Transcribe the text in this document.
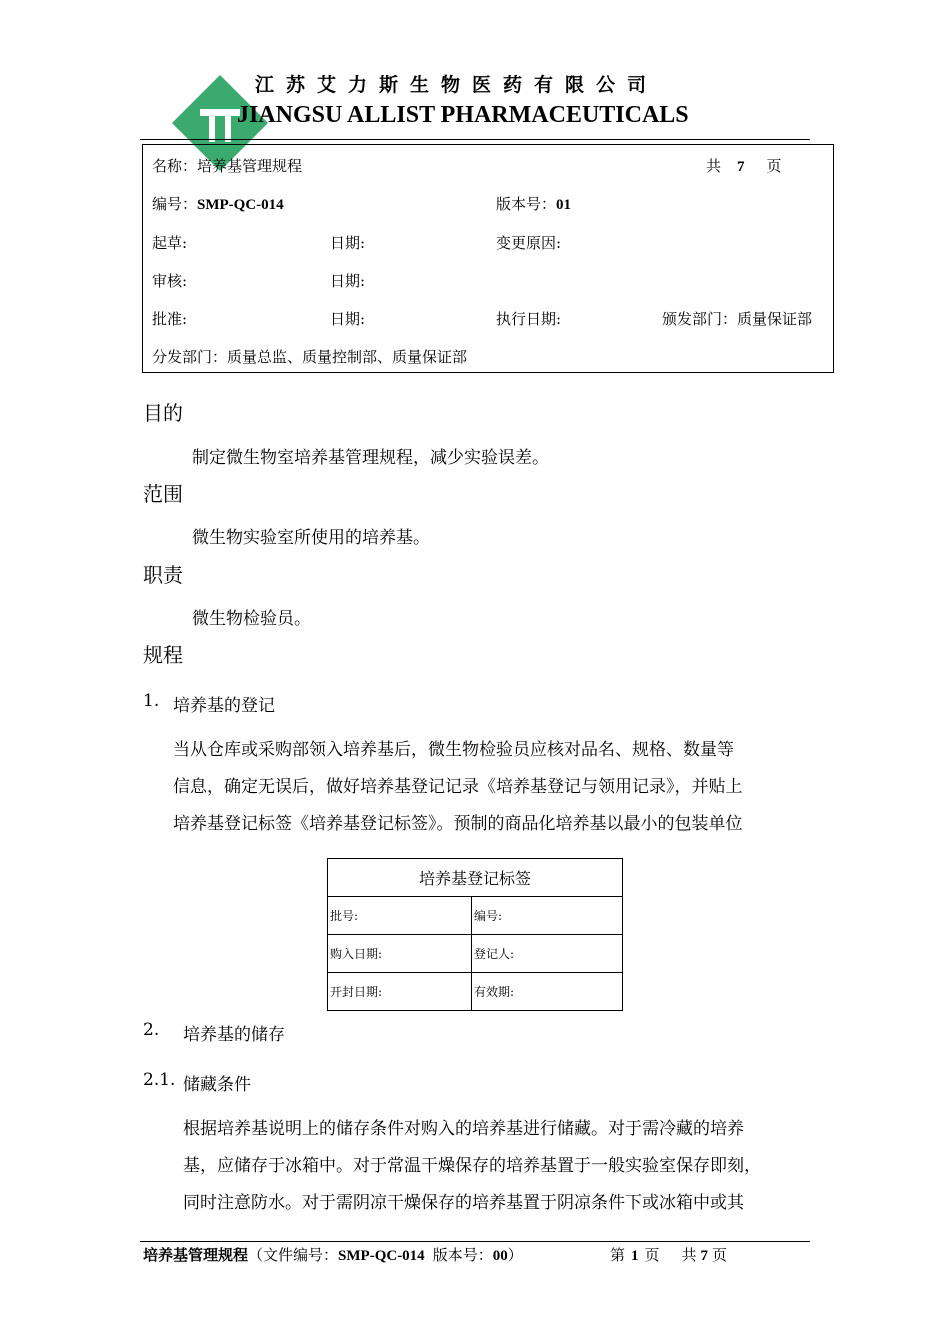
江苏艾力斯生物医药有限公司
JIANGSU ALLIST PHARMACEUTICALS
名称：培养基管理规程	共 7 页
编号：SMP-QC-014	版本号：01
起草:	日期:	变更原因:
审核:	日期:
批准:	日期:	执行日期:	颁发部门：质量保证部
分发部门：质量总监、质量控制部、质量保证部
目的
制定微生物室培养基管理规程，减少实验误差。
范围
微生物实验室所使用的培养基。
职责
微生物检验员。
规程
1. 培养基的登记
当从仓库或采购部领入培养基后，微生物检验员应核对品名、规格、数量等
信息，确定无误后，做好培养基登记记录《培养基登记与领用记录》，并贴上
培养基登记标签《培养基登记标签》。预制的商品化培养基以最小的包装单位
培养基登记标签	
批号:	编号:
购入日期:	登记人:
开封日期:	有效期:
2. 培养基的储存
2.1. 储藏条件
根据培养基说明上的储存条件对购入的培养基进行储藏。对于需冷藏的培养
基，应储存于冰箱中。对于常温干燥保存的培养基置于一般实验室保存即刻，
同时注意防水。对于需阴凉干燥保存的培养基置于阴凉条件下或冰箱中或其
培养基管理规程（文件编号：SMP-QC-014 版本号：00）	第 1 页 共 7 页
